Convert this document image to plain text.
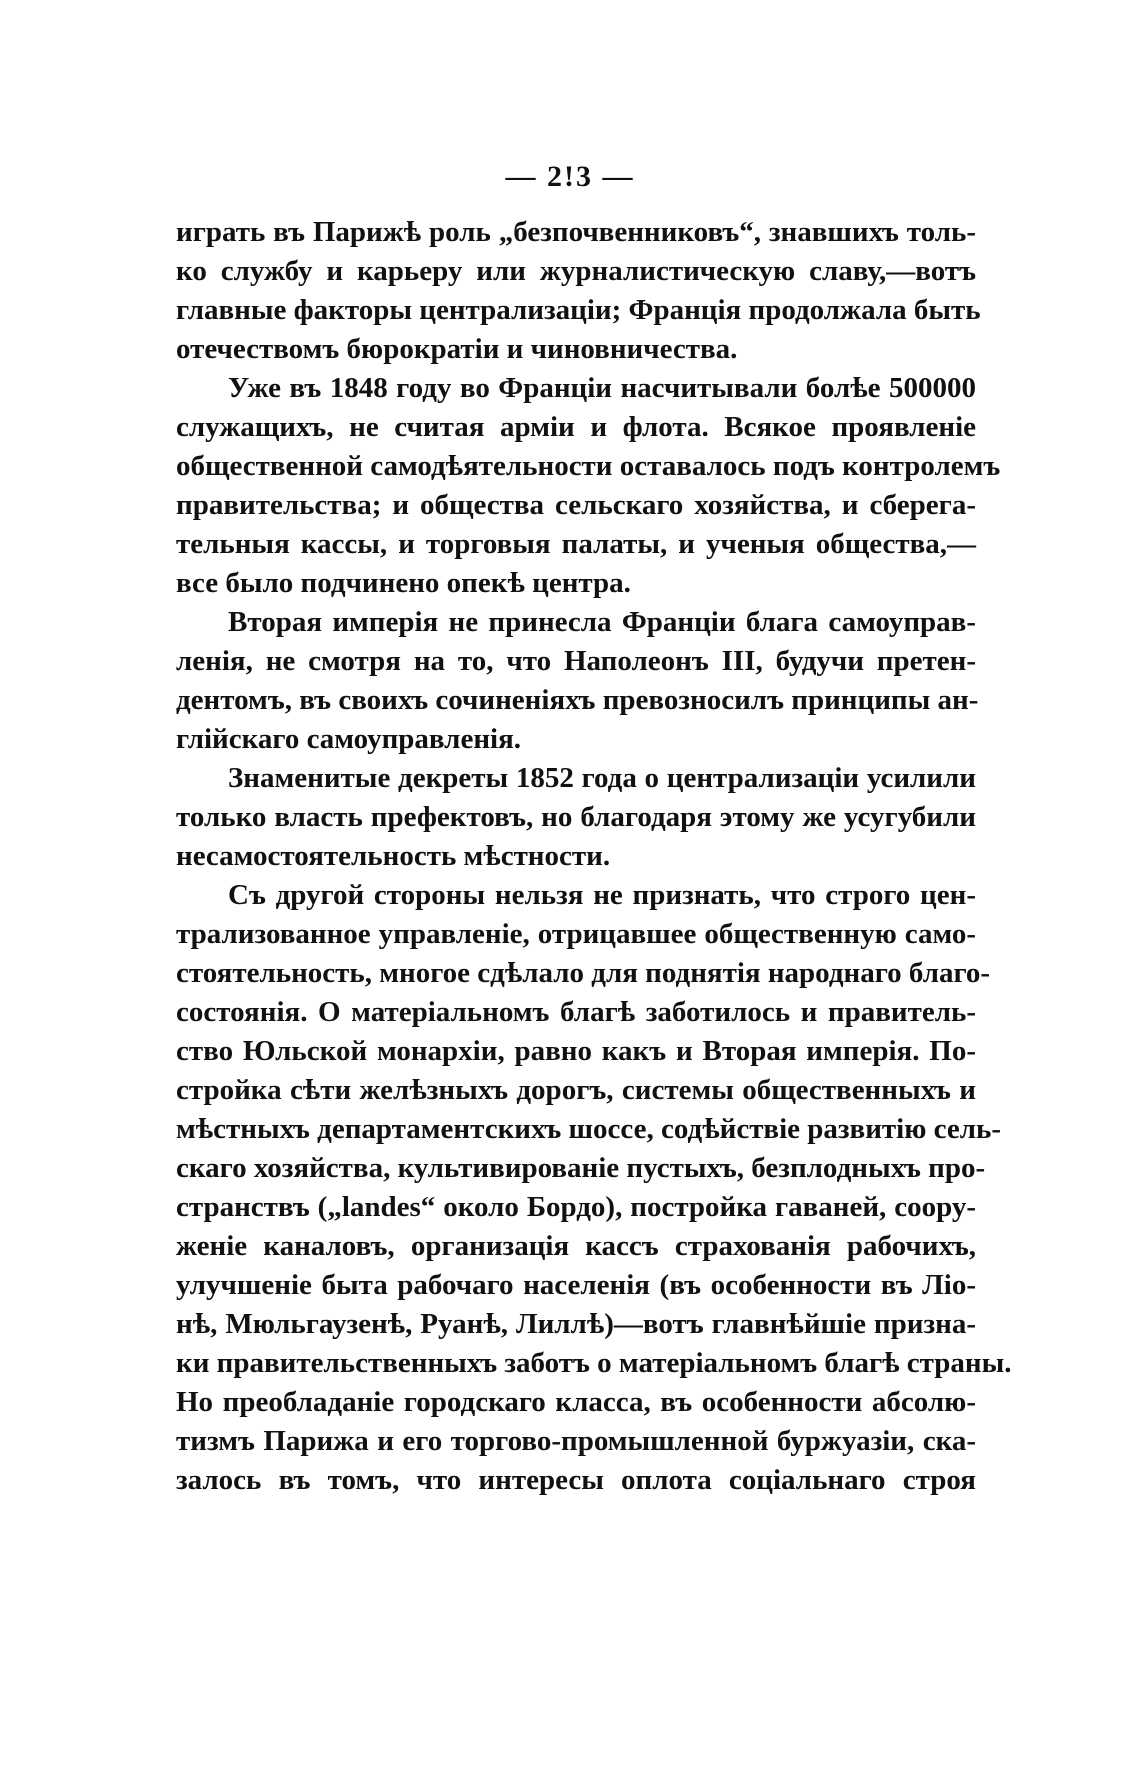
— 2!3 —
играть въ Парижѣ роль „безпочвенниковъ“, знавшихъ толь-
ко службу и карьеру или журналистическую славу,—вотъ
главные факторы централизаціи; Франція продолжала быть
отечествомъ бюрократіи и чиновничества.
Уже въ 1848 году во Франціи насчитывали болѣе 500000
служащихъ, не считая арміи и флота. Всякое проявленіе
общественной самодѣятельности оставалось подъ контролемъ
правительства; и общества сельскаго хозяйства, и сберега-
тельныя кассы, и торговыя палаты, и ученыя общества,—
все было подчинено опекѣ центра.
Вторая имперія не принесла Франціи блага самоуправ-
ленія, не смотря на то, что Наполеонъ III, будучи претен-
дентомъ, въ своихъ сочиненіяхъ превозносилъ принципы ан-
глійскаго самоуправленія.
Знаменитые декреты 1852 года о централизаціи усилили
только власть префектовъ, но благодаря этому же усугубили
несамостоятельность мѣстности.
Съ другой стороны нельзя не признать, что строго цен-
трализованное управленіе, отрицавшее общественную само-
стоятельность, многое сдѣлало для поднятія народнаго благо-
состоянія. О матеріальномъ благѣ заботилось и правитель-
ство Юльской монархіи, равно какъ и Вторая имперія. По-
стройка сѣти желѣзныхъ дорогъ, системы общественныхъ и
мѣстныхъ департаментскихъ шоссе, содѣйствіе развитію сель-
скаго хозяйства, культивированіе пустыхъ, безплодныхъ про-
странствъ („landes“ около Бордо), постройка гаваней, соору-
женіе каналовъ, организація кассъ страхованія рабочихъ,
улучшеніе быта рабочаго населенія (въ особенности въ Ліо-
нѣ, Мюльгаузенѣ, Руанѣ, Лиллѣ)—вотъ главнѣйшіе призна-
ки правительственныхъ заботъ о матеріальномъ благѣ страны.
Но преобладаніе городскаго класса, въ особенности абсолю-
тизмъ Парижа и его торгово-промышленной буржуазіи, ска-
залось въ томъ, что интересы оплота соціальнаго строя
